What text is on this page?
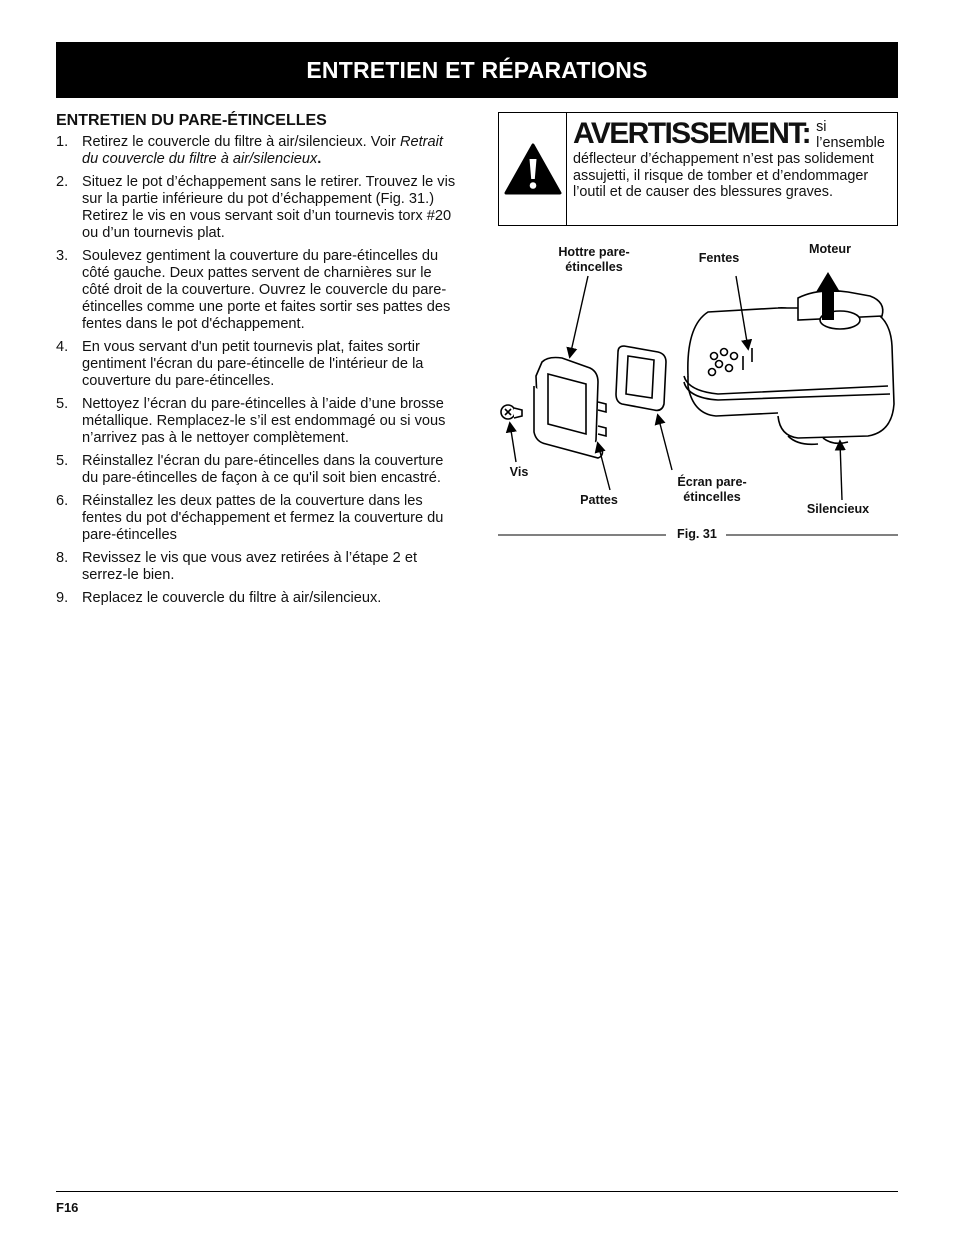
ENTRETIEN ET RÉPARATIONS
ENTRETIEN DU PARE-ÉTINCELLES
1. Retirez le couvercle du filtre à air/silencieux. Voir Retrait du couvercle du filtre à air/silencieux.
2. Situez le pot d’échappement sans le retirer. Trouvez le vis sur la partie inférieure du pot d’échappement (Fig. 31.) Retirez le vis en vous servant soit d’un tournevis torx #20 ou d’un tournevis plat.
3. Soulevez gentiment la couverture du pare-étincelles du côté gauche. Deux pattes servent de charnières sur le côté droit de la couverture. Ouvrez le couvercle du pare-étincelles comme une porte et faites sortir ses pattes des fentes dans le pot d'échappement.
4. En vous servant d'un petit tournevis plat, faites sortir gentiment l'écran du pare-étincelle de l'intérieur de la couverture du pare-étincelles.
5. Nettoyez l’écran du pare-étincelles à l’aide d’une brosse métallique. Remplacez-le s’il est endommagé ou si vous n’arrivez pas à le nettoyer complètement.
5. Réinstallez l'écran du pare-étincelles dans la couverture du pare-étincelles de façon à ce qu'il soit bien encastré.
6. Réinstallez les deux pattes de la couverture dans les fentes du pot d'échappement et fermez la couverture du pare-étincelles
8. Revissez le vis que vous avez retirées à l’étape 2 et serrez-le bien.
9. Replacez le couvercle du filtre à air/silencieux.
AVERTISSEMENT: si l’ensemble
déflecteur d’échappement n’est pas solidement assujetti, il risque de tomber et d’endommager l’outil et de causer des blessures graves.
Hottre pare-étincelles
Fentes
Moteur
Vis
Pattes
Écran pare-étincelles
Silencieux
Fig. 31
F16
